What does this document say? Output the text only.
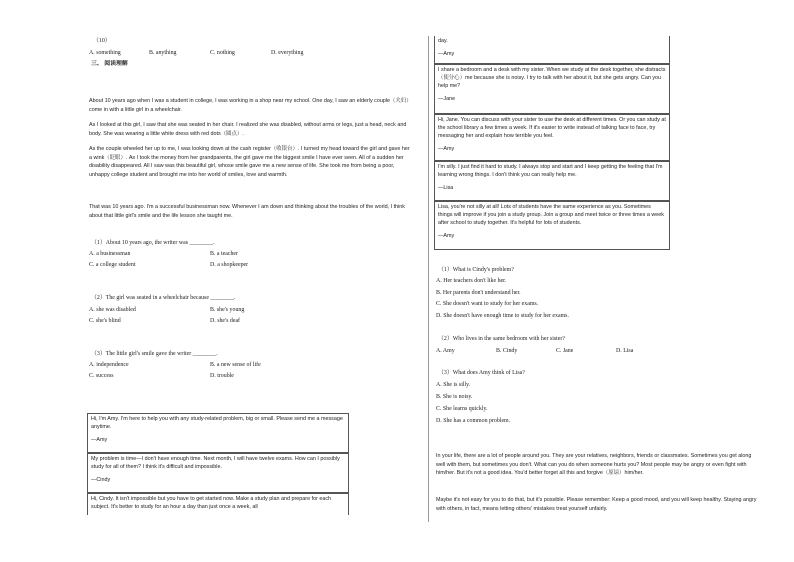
（10）
A. something	B. anything	C. nothing	D. everything
三、 阅读理解
About 10 years ago when I was a student in college, I was working in a shop near my school. One day, I saw an elderly couple（夫妇）come in with a little girl in a wheelchair.
As I looked at this girl, I saw that she was seated in her chair. I realized she was disabled, without arms or legs, just a head, neck and body. She was wearing a little white dress with red dots（圆点）.
As the couple wheeled her up to me, I was looking down at the cash register（收银台）. I turned my head toward the girl and gave her a wink（眨眼）. As I took the money from her grandparents, the girl gave me the biggest smile I have ever seen. All of a sudden her disability disappeared. All I saw was this beautiful girl, whose smile gave me a new sense of life. She took me from being a poor, unhappy college student and brought me into her world of smiles, love and warmth.
That was 10 years ago. I'm a successful businessman now. Whenever I am down and thinking about the troubles of the world, I think about that little girl's smile and the life lesson she taught me.
（1）About 10 years ago, the writer was ________.
A. a businessman	B. a teacher
C. a college student	D. a shopkeeper
（2）The girl was seated in a wheelchair because ________.
A. she was disabled	B. she's young
C. she's blind	D. she's deaf
（3）The little girl's smile gave the writer ________.
A. independence	B. a new sense of life
C. success	D. trouble

Hi, I'm Amy. I'm here to help you with any study-related problem, big or small. Please send me a message anytime.

—Amy

My problem is time—I don't have enough time. Next month, I will have twelve exams. How can I possibly study for all of them? I think it's difficult and impossible.

—Cindy

Hi, Cindy. It isn't impossible but you have to get started now. Make a study plan and prepare for each subject. It's better to study for an hour a day than just once a week, all

day.

—Amy

I share a bedroom and a desk with my sister. When we study at the desk together, she distracts（使分心）me because she is noisy. I try to talk with her about it, but she gets angry. Can you help me?

—Jane

Hi, Jane. You can discuss with your sister to use the desk at different times. Or you can study at the school library a few times a week. If it's easier to write instead of talking face to face, try messaging her and explain how terrible you feel.

—Amy

I'm silly. I just find it hard to study. I always stop and start and I keep getting the feeling that I'm learning wrong things. I don't think you can really help me.

—Lisa

Lisa, you're not silly at all! Lots of students have the same experience as you. Sometimes things will improve if you join a study group. Join a group and meet twice or three times a week after school to study together. It's helpful for lots of students.

—Amy

（1）What is Cindy's problem?
A. Her teachers don't like her.
B. Her parents don't understand her.
C. She doesn't want to study for her exams.
D. She doesn't have enough time to study for her exams.
（2）Who lives in the same bedroom with her sister?
A. Amy	B. Cindy	C. Jane	D. Lisa
（3）What does Amy think of Lisa?
A. She is silly.
B. She is noisy.
C. She learns quickly.
D. She has a common problem.
In your life, there are a lot of people around you. They are your relatives, neighbors, friends or classmates. Sometimes you get along well with them, but sometimes you don't. What can you do when someone hurts you? Most people may be angry or even fight with him/her. But it's not a good idea. You'd better forget all this and forgive（原谅）him/her.
Maybe it's not easy for you to do that, but it's possible. Please remember: Keep a good mood, and you will keep healthy. Staying angry with others, in fact, means letting others' mistakes treat yourself unfairly.
